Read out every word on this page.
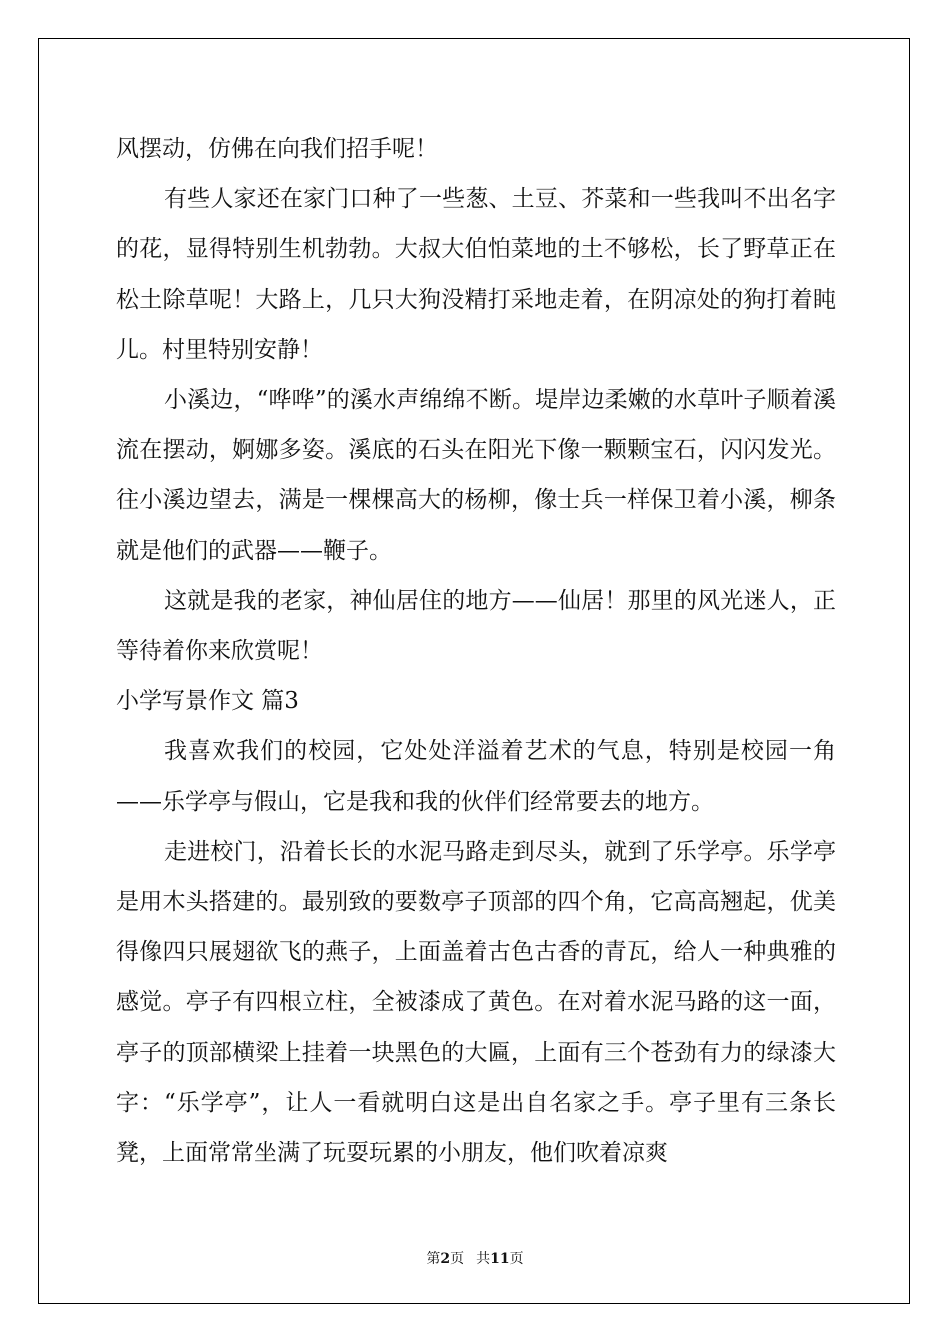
风摆动，仿佛在向我们招手呢！

有些人家还在家门口种了一些葱、土豆、芥菜和一些我叫不出名字的花，显得特别生机勃勃。大叔大伯怕菜地的土不够松，长了野草正在松土除草呢！大路上，几只大狗没精打采地走着，在阴凉处的狗打着盹儿。村里特别安静！

小溪边，“哗哗”的溪水声绵绵不断。堤岸边柔嫩的水草叶子顺着溪流在摆动，婀娜多姿。溪底的石头在阳光下像一颗颗宝石，闪闪发光。往小溪边望去，满是一棵棵高大的杨柳，像士兵一样保卫着小溪，柳条就是他们的武器——鞭子。

这就是我的老家，神仙居住的地方——仙居！那里的风光迷人，正等待着你来欣赏呢！

小学写景作文 篇3

我喜欢我们的校园，它处处洋溢着艺术的气息，特别是校园一角——乐学亭与假山，它是我和我的伙伴们经常要去的地方。

走进校门，沿着长长的水泥马路走到尽头，就到了乐学亭。乐学亭是用木头搭建的。最别致的要数亭子顶部的四个角，它高高翘起，优美得像四只展翅欲飞的燕子，上面盖着古色古香的青瓦，给人一种典雅的感觉。亭子有四根立柱，全被漆成了黄色。在对着水泥马路的这一面，亭子的顶部横梁上挂着一块黑色的大匾，上面有三个苍劲有力的绿漆大字：“乐学亭”，让人一看就明白这是出自名家之手。亭子里有三条长凳，上面常常坐满了玩耍玩累的小朋友，他们吹着凉爽

第2页 共11页
